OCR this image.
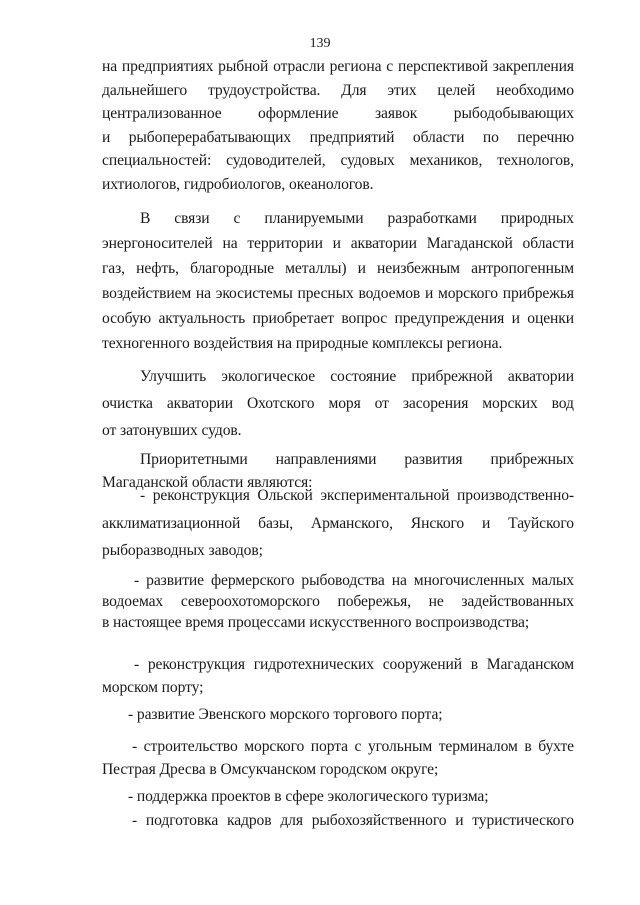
139
на предприятиях рыбной отрасли региона с перспективой закрепления
дальнейшего трудоустройства. Для этих целей необходимо
централизованное оформление заявок рыбодобывающих
и рыбоперерабатывающих предприятий области по перечню
специальностей: судоводителей, судовых механиков, технологов,
ихтиологов, гидробиологов, океанологов.
В связи с планируемыми разработками природных
энергоносителей на территории и акватории Магаданской области
газ, нефть, благородные металлы) и неизбежным антропогенным
воздействием на экосистемы пресных водоемов и морского прибрежья
особую актуальность приобретает вопрос предупреждения и оценки
техногенного воздействия на природные комплексы региона.
Улучшить экологическое состояние прибрежной акватории
очистка акватории Охотского моря от засорения морских вод
от затонувших судов.
Приоритетными направлениями развития прибрежных
Магаданской области являются:
- реконструкция Ольской экспериментальной производственно-
акклиматизационной базы, Арманского, Янского и Тауйского
рыборазводных заводов;
- развитие фермерского рыбоводства на многочисленных малых
водоемах североохотоморского побережья, не задействованных
в настоящее время процессами искусственного воспроизводства;
- реконструкция гидротехнических сооружений в Магаданском
морском порту;
- развитие Эвенского морского торгового порта;
- строительство морского порта с угольным терминалом в бухте
Пестрая Дресва в Омсукчанском городском округе;
- поддержка проектов в сфере экологического туризма;
- подготовка кадров для рыбохозяйственного и туристического
